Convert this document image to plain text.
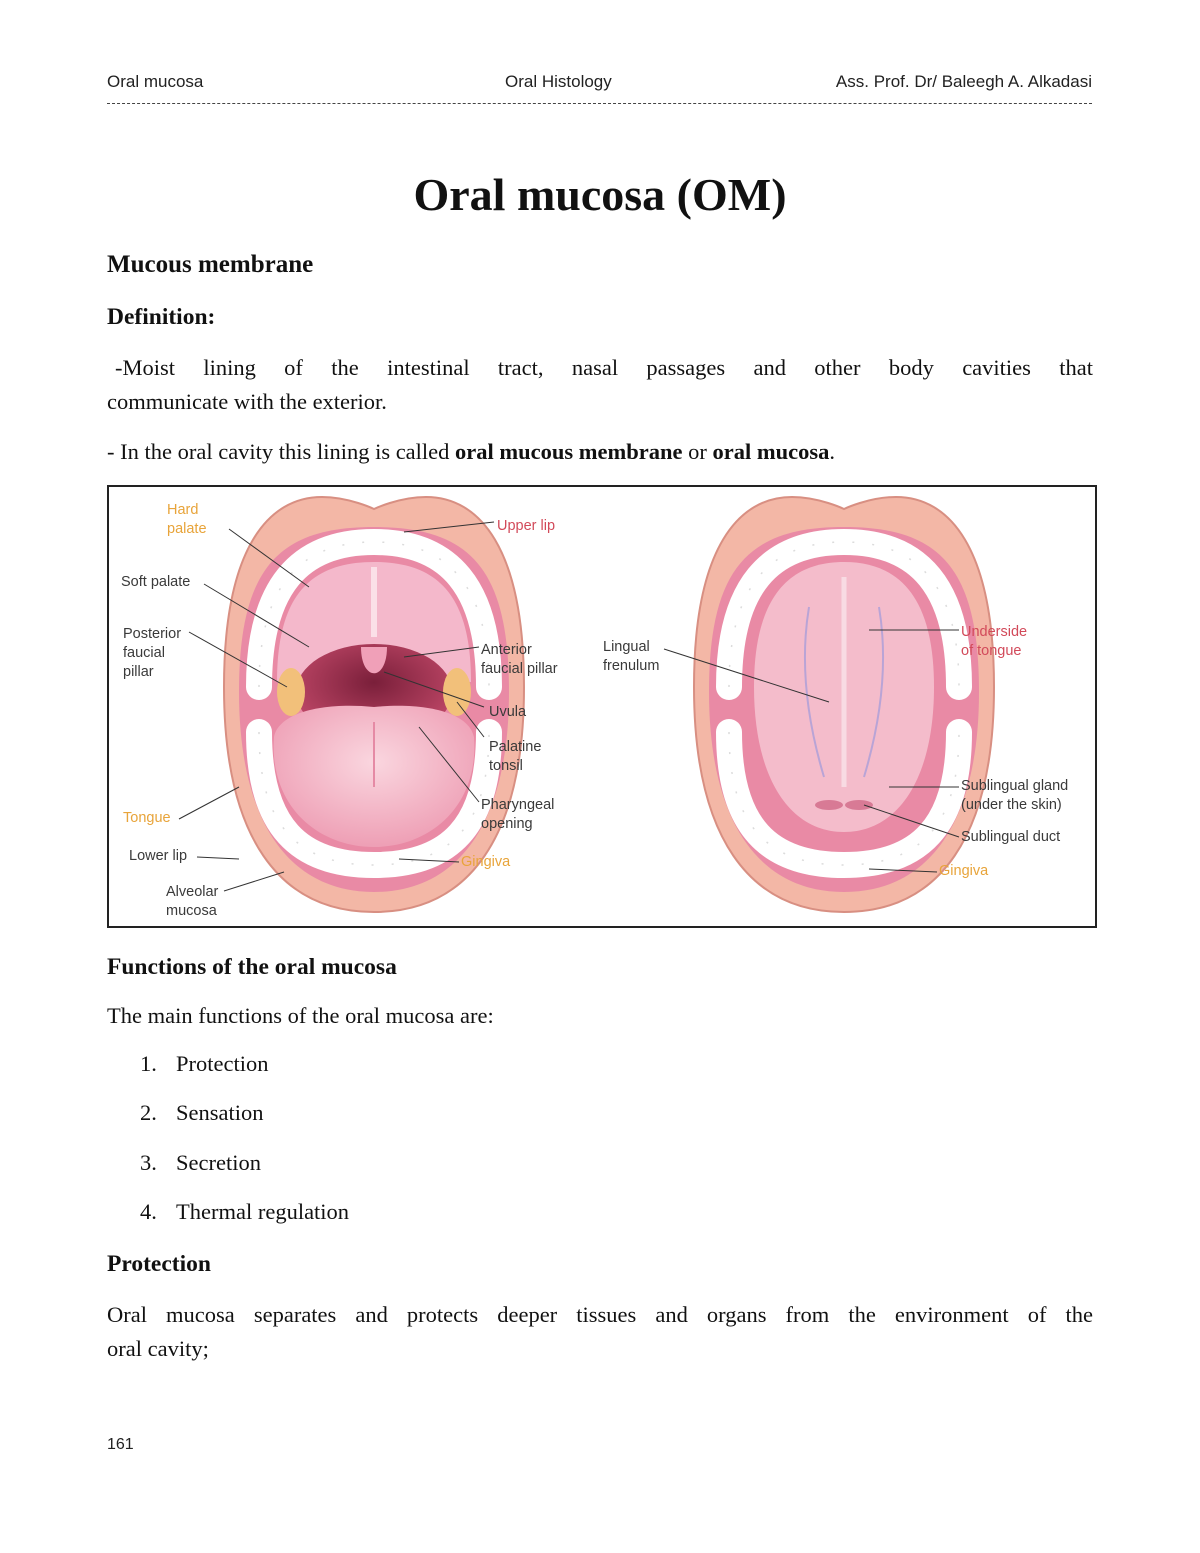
Oral mucosa	Oral Histology	Ass. Prof. Dr/ Baleegh A. Alkadasi
Oral mucosa (OM)
Mucous membrane
Definition:
-Moist lining of the intestinal tract, nasal passages and other body cavities that
communicate with the exterior.
- In the oral cavity this lining is called oral mucous membrane or oral mucosa.
Hard
palate
Soft palate
Posterior
faucial
pillar
Tongue
Lower lip
Alveolar
mucosa
Upper lip
Anterior
faucial pillar
Uvula
Palatine
tonsil
Pharyngeal
opening
Gingiva
Lingual
frenulum
Underside
of tongue
Sublingual gland
(under the skin)
Sublingual duct
Gingiva
Functions of the oral mucosa
The main functions of the oral mucosa are:
1. Protection
2. Sensation
3. Secretion
4. Thermal regulation
Protection
Oral mucosa separates and protects deeper tissues and organs from the environment of the
oral cavity;
161
